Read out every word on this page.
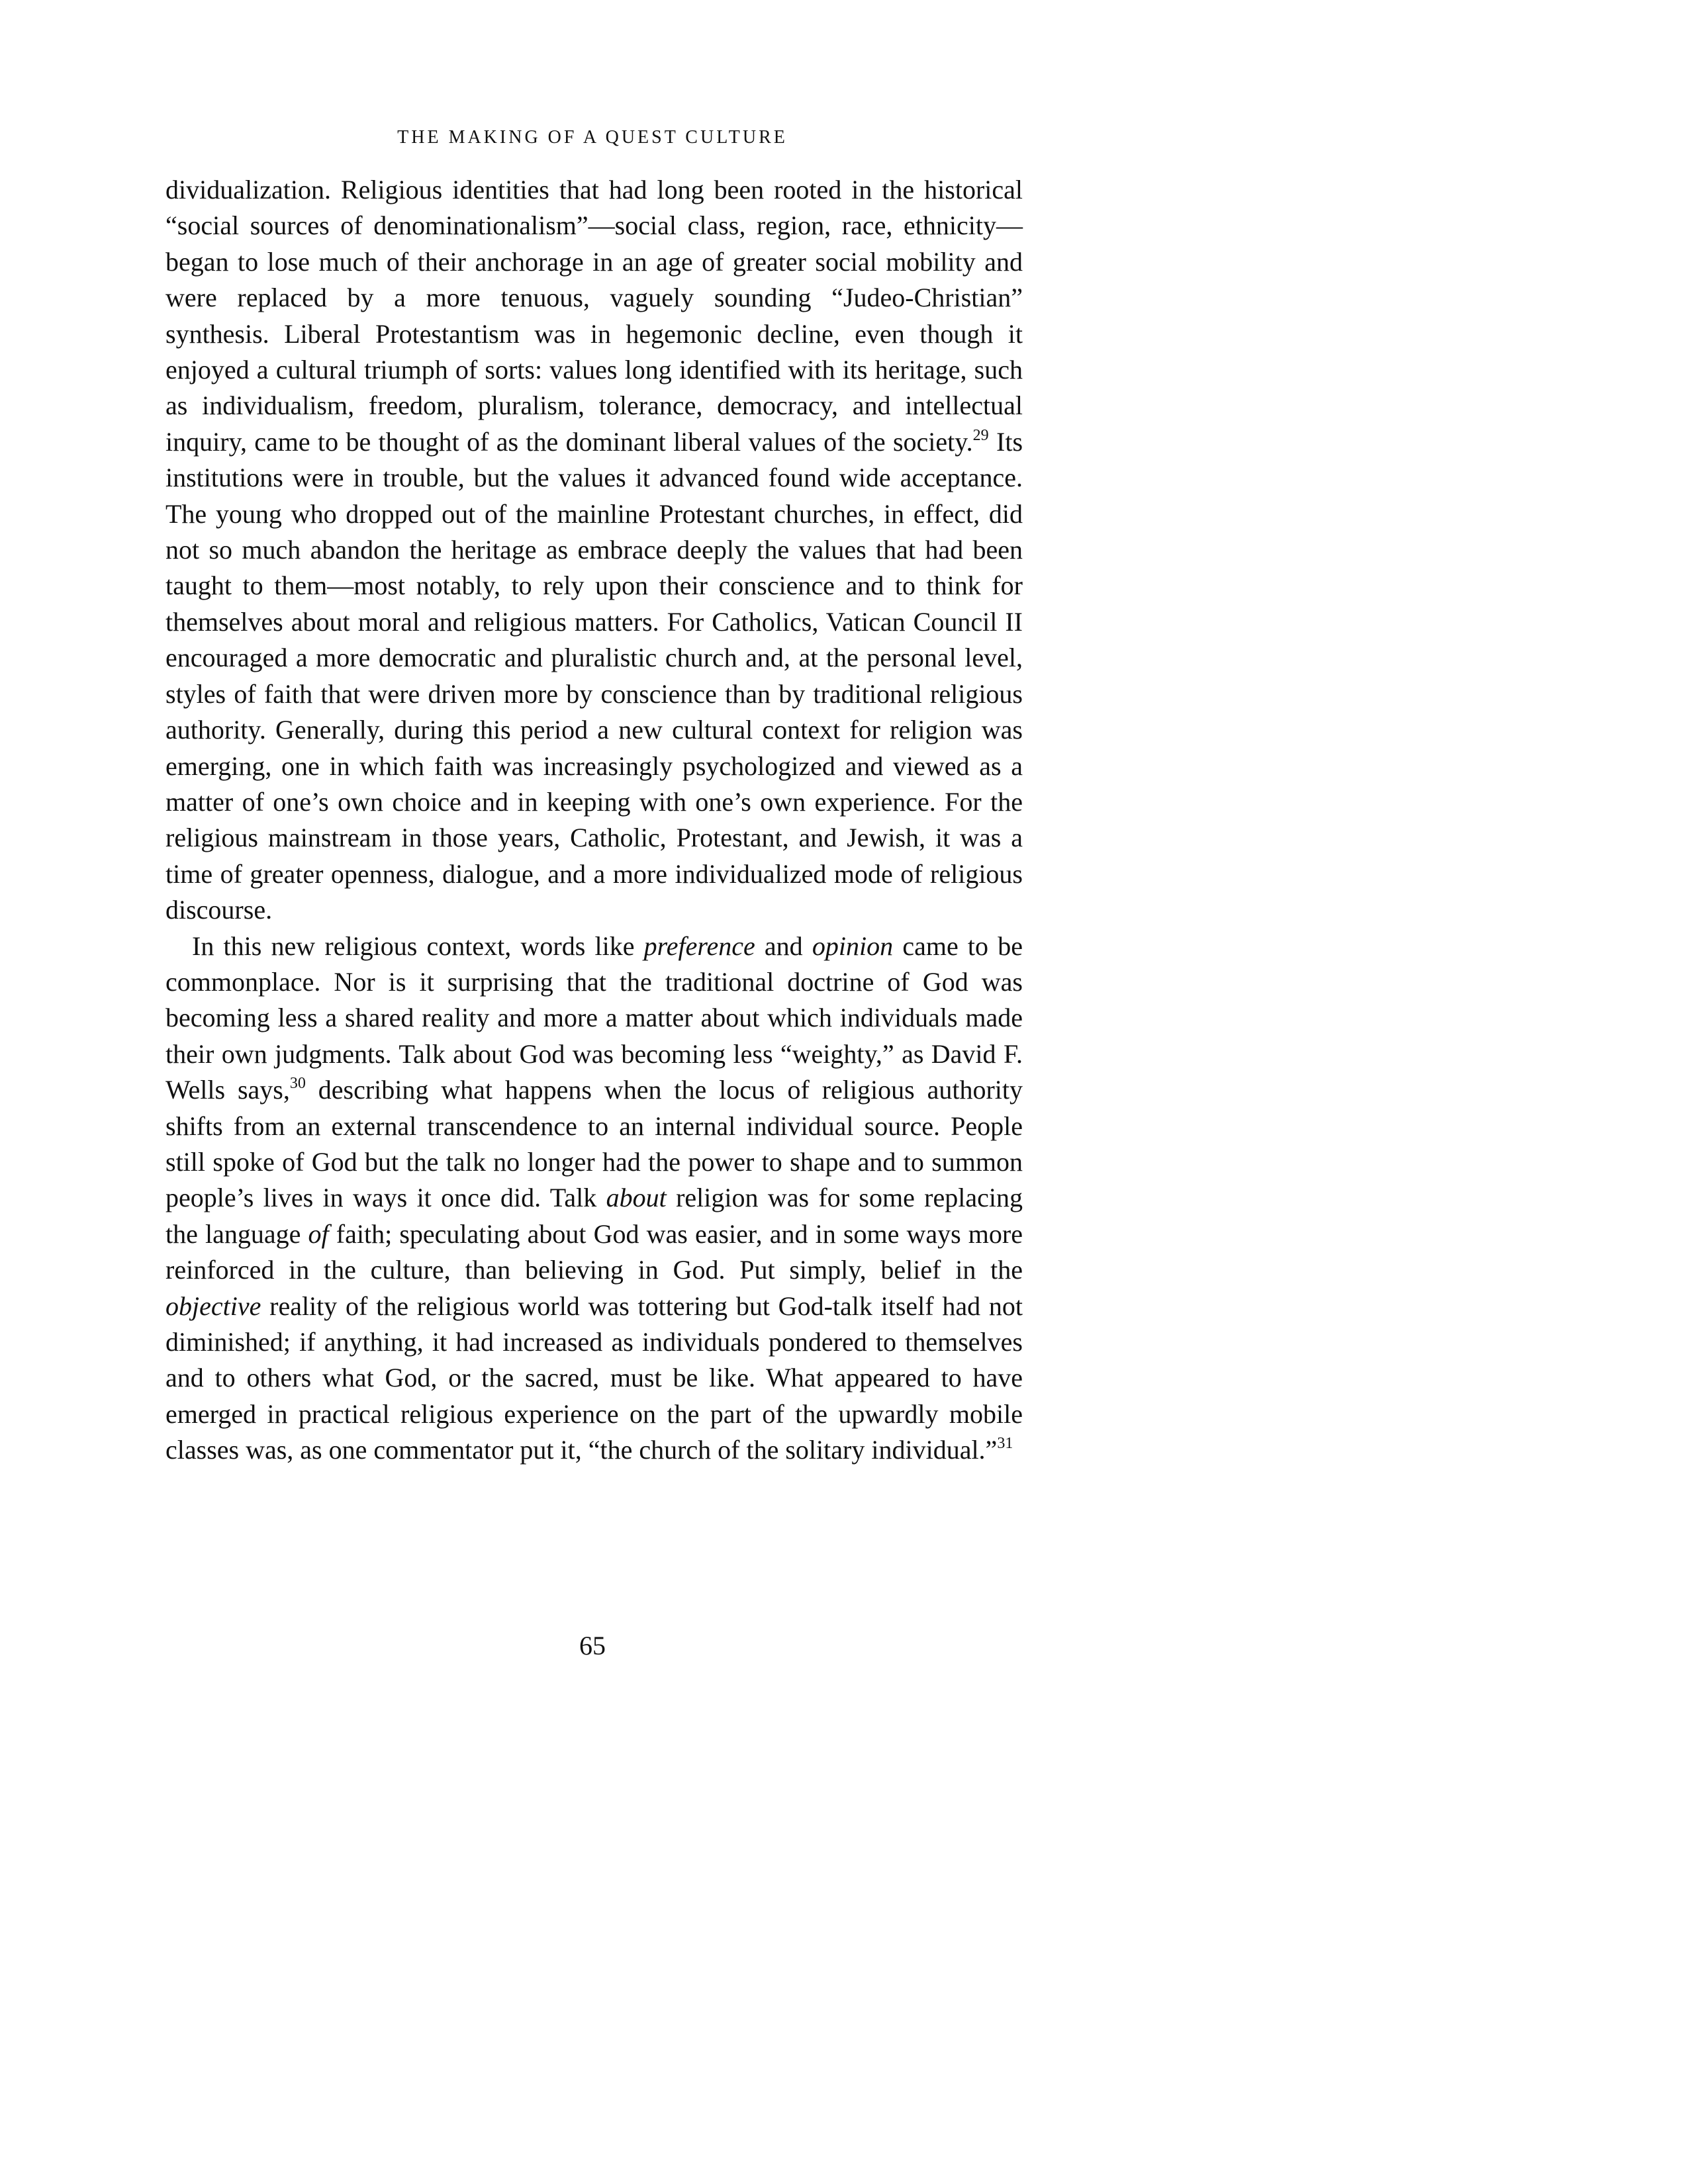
THE MAKING OF A QUEST CULTURE

dividualization. Religious identities that had long been rooted in the historical “social sources of denominationalism”—social class, region, race, ethnicity—began to lose much of their anchorage in an age of greater social mobility and were replaced by a more tenuous, vaguely sounding “Judeo-Christian” synthesis. Liberal Protestantism was in hegemonic decline, even though it enjoyed a cultural triumph of sorts: values long identified with its heritage, such as individualism, freedom, pluralism, tolerance, democracy, and intellectual inquiry, came to be thought of as the dominant liberal values of the society.$^{29}$ Its institutions were in trouble, but the values it advanced found wide acceptance. The young who dropped out of the mainline Protestant churches, in effect, did not so much abandon the heritage as embrace deeply the values that had been taught to them—most notably, to rely upon their conscience and to think for themselves about moral and religious matters. For Catholics, Vatican Council II encouraged a more democratic and pluralistic church and, at the personal level, styles of faith that were driven more by conscience than by traditional religious authority. Generally, during this period a new cultural context for religion was emerging, one in which faith was increasingly psychologized and viewed as a matter of one’s own choice and in keeping with one’s own experience. For the religious mainstream in those years, Catholic, Protestant, and Jewish, it was a time of greater openness, dialogue, and a more individualized mode of religious discourse.

In this new religious context, words like preference and opinion came to be commonplace. Nor is it surprising that the traditional doctrine of God was becoming less a shared reality and more a matter about which individuals made their own judgments. Talk about God was becoming less “weighty,” as David F. Wells says,$^{30}$ describing what happens when the locus of religious authority shifts from an external transcendence to an internal individual source. People still spoke of God but the talk no longer had the power to shape and to summon people’s lives in ways it once did. Talk about religion was for some replacing the language of faith; speculating about God was easier, and in some ways more reinforced in the culture, than believing in God. Put simply, belief in the objective reality of the religious world was tottering but God-talk itself had not diminished; if anything, it had increased as individuals pondered to themselves and to others what God, or the sacred, must be like. What appeared to have emerged in practical religious experience on the part of the upwardly mobile classes was, as one commentator put it, “the church of the solitary individual.”$^{31}$

65
